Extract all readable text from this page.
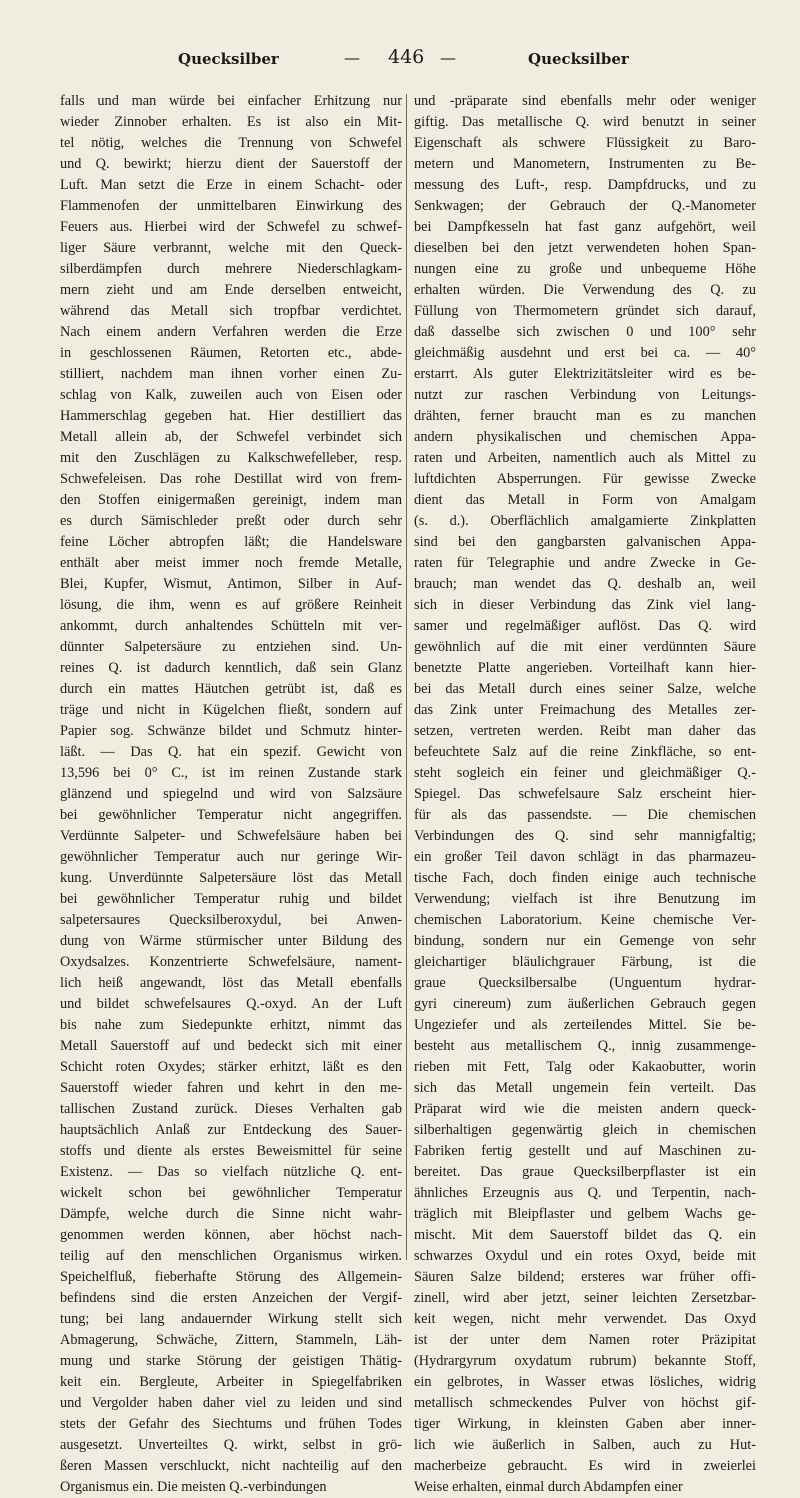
Quecksilber	— 446 —	Quecksilber
falls und man würde bei einfacher Erhitzung nur
wieder Zinnober erhalten. Es ist also ein Mit-
tel nötig, welches die Trennung von Schwefel
und Q. bewirkt; hierzu dient der Sauerstoff der
Luft. Man setzt die Erze in einem Schacht- oder
Flammenofen der unmittelbaren Einwirkung des
Feuers aus. Hierbei wird der Schwefel zu schwef-
liger Säure verbrannt, welche mit den Queck-
silberdämpfen durch mehrere Niederschlagkam-
mern zieht und am Ende derselben entweicht,
während das Metall sich tropfbar verdichtet.
Nach einem andern Verfahren werden die Erze
in geschlossenen Räumen, Retorten etc., abde-
stilliert, nachdem man ihnen vorher einen Zu-
schlag von Kalk, zuweilen auch von Eisen oder
Hammerschlag gegeben hat. Hier destilliert das
Metall allein ab, der Schwefel verbindet sich
mit den Zuschlägen zu Kalkschwefelleber, resp.
Schwefeleisen. Das rohe Destillat wird von frem-
den Stoffen einigermaßen gereinigt, indem man
es durch Sämischleder preßt oder durch sehr
feine Löcher abtropfen läßt; die Handelsware
enthält aber meist immer noch fremde Metalle,
Blei, Kupfer, Wismut, Antimon, Silber in Auf-
lösung, die ihm, wenn es auf größere Reinheit
ankommt, durch anhaltendes Schütteln mit ver-
dünnter Salpetersäure zu entziehen sind. Un-
reines Q. ist dadurch kenntlich, daß sein Glanz
durch ein mattes Häutchen getrübt ist, daß es
träge und nicht in Kügelchen fließt, sondern auf
Papier sog. Schwänze bildet und Schmutz hinter-
läßt. — Das Q. hat ein spezif. Gewicht von
13,596 bei 0° C., ist im reinen Zustande stark
glänzend und spiegelnd und wird von Salzsäure
bei gewöhnlicher Temperatur nicht angegriffen.
Verdünnte Salpeter- und Schwefelsäure haben bei
gewöhnlicher Temperatur auch nur geringe Wir-
kung. Unverdünnte Salpetersäure löst das Metall
bei gewöhnlicher Temperatur ruhig und bildet
salpetersaures Quecksilberoxydul, bei Anwen-
dung von Wärme stürmischer unter Bildung des
Oxydsalzes. Konzentrierte Schwefelsäure, nament-
lich heiß angewandt, löst das Metall ebenfalls
und bildet schwefelsaures Q.-oxyd. An der Luft
bis nahe zum Siedepunkte erhitzt, nimmt das
Metall Sauerstoff auf und bedeckt sich mit einer
Schicht roten Oxydes; stärker erhitzt, läßt es den
Sauerstoff wieder fahren und kehrt in den me-
tallischen Zustand zurück. Dieses Verhalten gab
hauptsächlich Anlaß zur Entdeckung des Sauer-
stoffs und diente als erstes Beweismittel für seine
Existenz. — Das so vielfach nützliche Q. ent-
wickelt schon bei gewöhnlicher Temperatur
Dämpfe, welche durch die Sinne nicht wahr-
genommen werden können, aber höchst nach-
teilig auf den menschlichen Organismus wirken.
Speichelfluß, fieberhafte Störung des Allgemein-
befindens sind die ersten Anzeichen der Vergif-
tung; bei lang andauernder Wirkung stellt sich
Abmagerung, Schwäche, Zittern, Stammeln, Läh-
mung und starke Störung der geistigen Thätig-
keit ein. Bergleute, Arbeiter in Spiegelfabriken
und Vergolder haben daher viel zu leiden und sind
stets der Gefahr des Siechtums und frühen Todes
ausgesetzt. Unverteiltes Q. wirkt, selbst in grö-
ßeren Massen verschluckt, nicht nachteilig auf den
Organismus ein. Die meisten Q.-verbindungen
und -präparate sind ebenfalls mehr oder weniger
giftig. Das metallische Q. wird benutzt in seiner
Eigenschaft als schwere Flüssigkeit zu Baro-
metern und Manometern, Instrumenten zu Be-
messung des Luft-, resp. Dampfdrucks, und zu
Senkwagen; der Gebrauch der Q.-Manometer
bei Dampfkesseln hat fast ganz aufgehört, weil
dieselben bei den jetzt verwendeten hohen Span-
nungen eine zu große und unbequeme Höhe
erhalten würden. Die Verwendung des Q. zu
Füllung von Thermometern gründet sich darauf,
daß dasselbe sich zwischen 0 und 100° sehr
gleichmäßig ausdehnt und erst bei ca. — 40°
erstarrt. Als guter Elektrizitätsleiter wird es be-
nutzt zur raschen Verbindung von Leitungs-
drähten, ferner braucht man es zu manchen
andern physikalischen und chemischen Appa-
raten und Arbeiten, namentlich auch als Mittel zu
luftdichten Absperrungen. Für gewisse Zwecke
dient das Metall in Form von Amalgam
(s. d.). Oberflächlich amalgamierte Zinkplatten
sind bei den gangbarsten galvanischen Appa-
raten für Telegraphie und andre Zwecke in Ge-
brauch; man wendet das Q. deshalb an, weil
sich in dieser Verbindung das Zink viel lang-
samer und regelmäßiger auflöst. Das Q. wird
gewöhnlich auf die mit einer verdünnten Säure
benetzte Platte angerieben. Vorteilhaft kann hier-
bei das Metall durch eines seiner Salze, welche
das Zink unter Freimachung des Metalles zer-
setzen, vertreten werden. Reibt man daher das
befeuchtete Salz auf die reine Zinkfläche, so ent-
steht sogleich ein feiner und gleichmäßiger Q.-
Spiegel. Das schwefelsaure Salz erscheint hier-
für als das passendste. — Die chemischen
Verbindungen des Q. sind sehr mannigfaltig;
ein großer Teil davon schlägt in das pharmazeu-
tische Fach, doch finden einige auch technische
Verwendung; vielfach ist ihre Benutzung im
chemischen Laboratorium. Keine chemische Ver-
bindung, sondern nur ein Gemenge von sehr
gleichartiger bläulichgrauer Färbung, ist die
graue Quecksilbersalbe (Unguentum hydrar-
gyri cinereum) zum äußerlichen Gebrauch gegen
Ungeziefer und als zerteilendes Mittel. Sie be-
besteht aus metallischem Q., innig zusammenge-
rieben mit Fett, Talg oder Kakaobutter, worin
sich das Metall ungemein fein verteilt. Das
Präparat wird wie die meisten andern queck-
silberhaltigen gegenwärtig gleich in chemischen
Fabriken fertig gestellt und auf Maschinen zu-
bereitet. Das graue Quecksilberpflaster ist ein
ähnliches Erzeugnis aus Q. und Terpentin, nach-
träglich mit Bleipflaster und gelbem Wachs ge-
mischt. Mit dem Sauerstoff bildet das Q. ein
schwarzes Oxydul und ein rotes Oxyd, beide mit
Säuren Salze bildend; ersteres war früher offi-
zinell, wird aber jetzt, seiner leichten Zersetzbar-
keit wegen, nicht mehr verwendet. Das Oxyd
ist der unter dem Namen roter Präzipitat
(Hydrargyrum oxydatum rubrum) bekannte Stoff,
ein gelbrotes, in Wasser etwas lösliches, widrig
metallisch schmeckendes Pulver von höchst gif-
tiger Wirkung, in kleinsten Gaben aber inner-
lich wie äußerlich in Salben, auch zu Hut-
macherbeize gebraucht. Es wird in zweierlei
Weise erhalten, einmal durch Abdampfen einer
